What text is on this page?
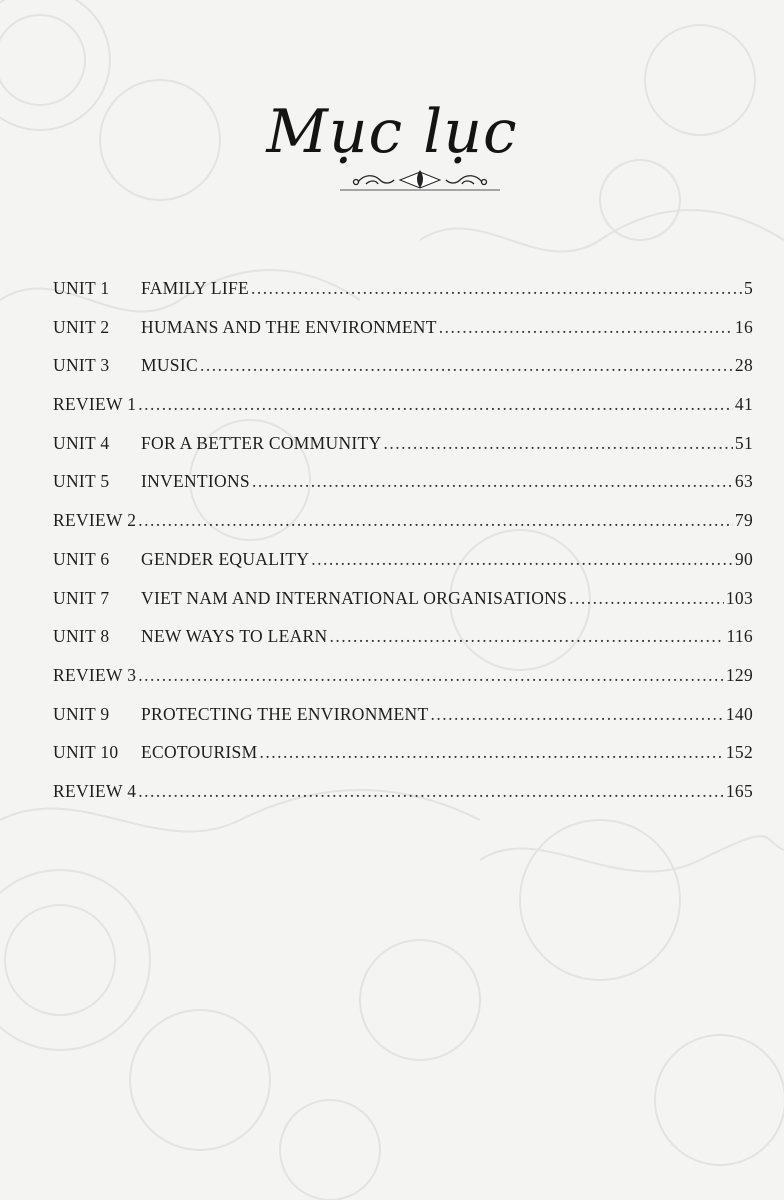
Mục lục
UNIT 1	FAMILY LIFE .....	5
UNIT 2	HUMANS AND THE ENVIRONMENT .....	16
UNIT 3	MUSIC .....	28
REVIEW 1 .....	41
UNIT 4	FOR A BETTER COMMUNITY .....	51
UNIT 5	INVENTIONS .....	63
REVIEW 2 .....	79
UNIT 6	GENDER EQUALITY .....	90
UNIT 7	VIET NAM AND INTERNATIONAL ORGANISATIONS .....	103
UNIT 8	NEW WAYS TO LEARN .....	116
REVIEW 3 .....	129
UNIT 9	PROTECTING THE ENVIRONMENT .....	140
UNIT 10	ECOTOURISM .....	152
REVIEW 4 .....	165
